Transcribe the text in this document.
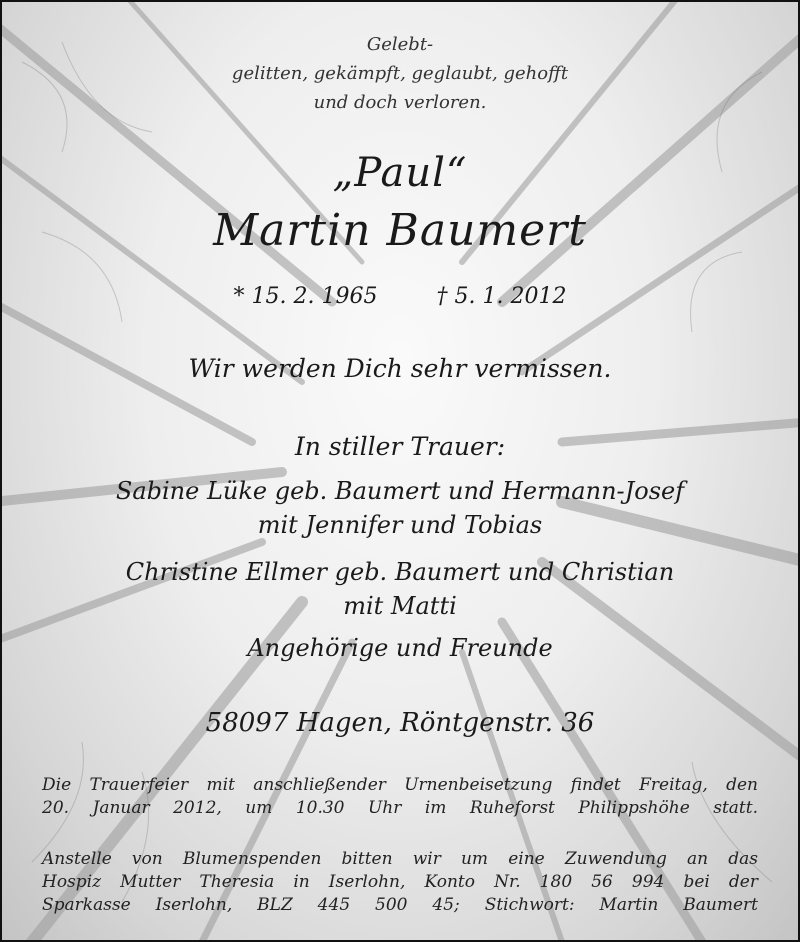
Gelebt-
gelitten, gekämpft, geglaubt, gehofft
und doch verloren.
„Paul“
Martin Baumert
* 15. 2. 1965	† 5. 1. 2012
Wir werden Dich sehr vermissen.
In stiller Trauer:
Sabine Lüke geb. Baumert und Hermann-Josef
mit Jennifer und Tobias
Christine Ellmer geb. Baumert und Christian
mit Matti
Angehörige und Freunde
58097 Hagen, Röntgenstr. 36
Die Trauerfeier mit anschließender Urnenbeisetzung findet Freitag, den
20. Januar 2012, um 10.30 Uhr im Ruheforst Philippshöhe statt.
Anstelle von Blumenspenden bitten wir um eine Zuwendung an das
Hospiz Mutter Theresia in Iserlohn, Konto Nr. 180 56 994 bei der
Sparkasse Iserlohn, BLZ 445 500 45; Stichwort: Martin Baumert
